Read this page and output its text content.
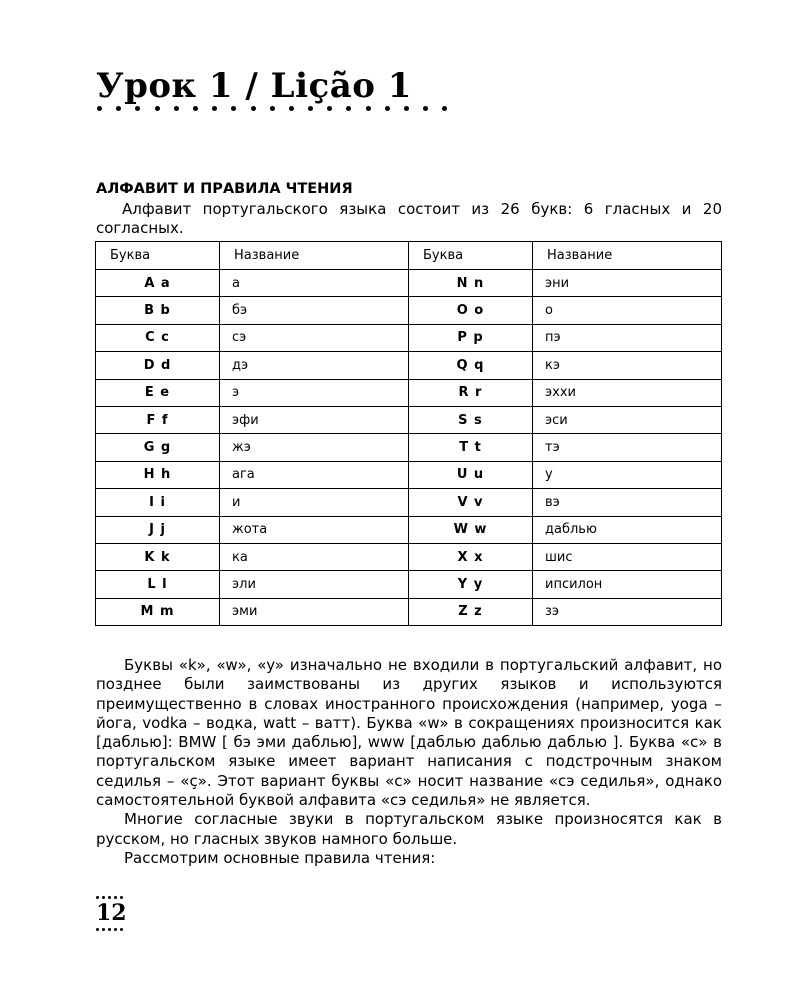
Урок 1 / Lição 1
АЛФАВИТ И ПРАВИЛА ЧТЕНИЯ

Алфавит португальского языка состоит из 26 букв: 6 гласных и 20 согласных.

Буква	Название	Буква	Название
A a	а	N n	эни
B b	бэ	O o	о
C c	сэ	P p	пэ
D d	дэ	Q q	кэ
E e	э	R r	эххи
F f	эфи	S s	эси
G g	жэ	T t	тэ
H h	ага	U u	у
I i	и	V v	вэ
J j	жота	W w	даблью
K k	ка	X x	шис
L l	эли	Y y	ипсилон
M m	эми	Z z	зэ

Буквы «k», «w», «y» изначально не входили в португальский алфавит, но позднее были заимствованы из других языков и используются преимущественно в словах иностранного происхождения (например, yoga – йога, vodka – водка, watt – ватт). Буква «w» в сокращениях произносится как [даблью]: BMW [ бэ эми даблью], www [даблью даблью даблью ]. Буква «c» в португальском языке имеет вариант написания с подстрочным знаком седилья – «ç». Этот вариант буквы «c» носит название «сэ седилья», однако самостоятельной буквой алфавита «сэ седилья» не является.

Многие согласные звуки в португальском языке произносятся как в русском, но гласных звуков намного больше.

Рассмотрим основные правила чтения:

12
